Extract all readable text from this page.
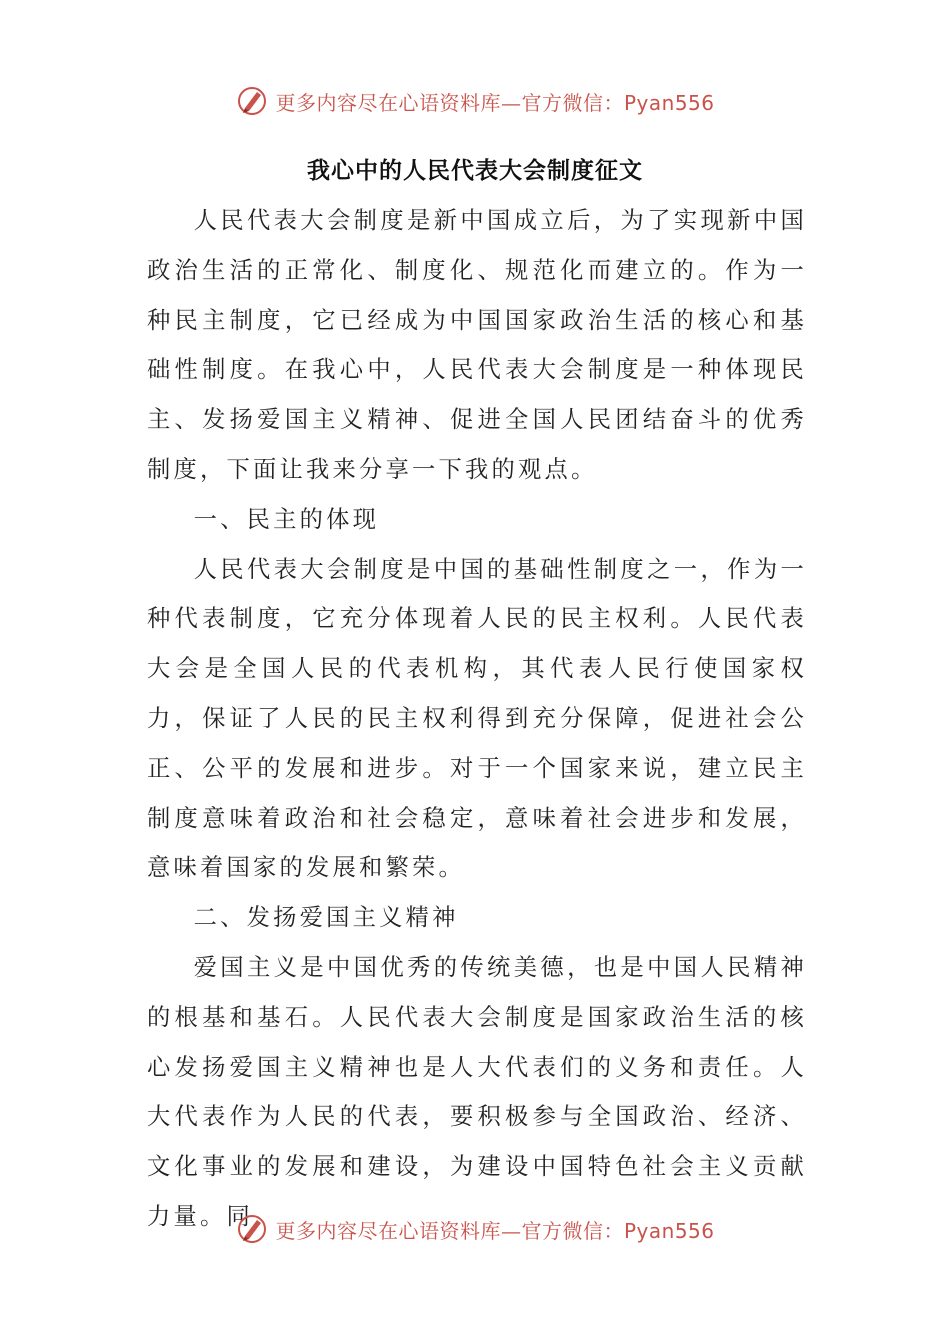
更多内容尽在心语资料库—官方微信：Pyan556
我心中的人民代表大会制度征文

人民代表大会制度是新中国成立后，为了实现新中国政治生活的正常化、制度化、规范化而建立的。作为一种民主制度，它已经成为中国国家政治生活的核心和基础性制度。在我心中，人民代表大会制度是一种体现民主、发扬爱国主义精神、促进全国人民团结奋斗的优秀制度，下面让我来分享一下我的观点。

一、民主的体现

人民代表大会制度是中国的基础性制度之一，作为一种代表制度，它充分体现着人民的民主权利。人民代表大会是全国人民的代表机构，其代表人民行使国家权力，保证了人民的民主权利得到充分保障，促进社会公正、公平的发展和进步。对于一个国家来说，建立民主制度意味着政治和社会稳定，意味着社会进步和发展，意味着国家的发展和繁荣。

二、发扬爱国主义精神

爱国主义是中国优秀的传统美德，也是中国人民精神的根基和基石。人民代表大会制度是国家政治生活的核心发扬爱国主义精神也是人大代表们的义务和责任。人大代表作为人民的代表，要积极参与全国政治、经济、文化事业的发展和建设，为建设中国特色社会主义贡献力量。同

更多内容尽在心语资料库—官方微信：Pyan556
